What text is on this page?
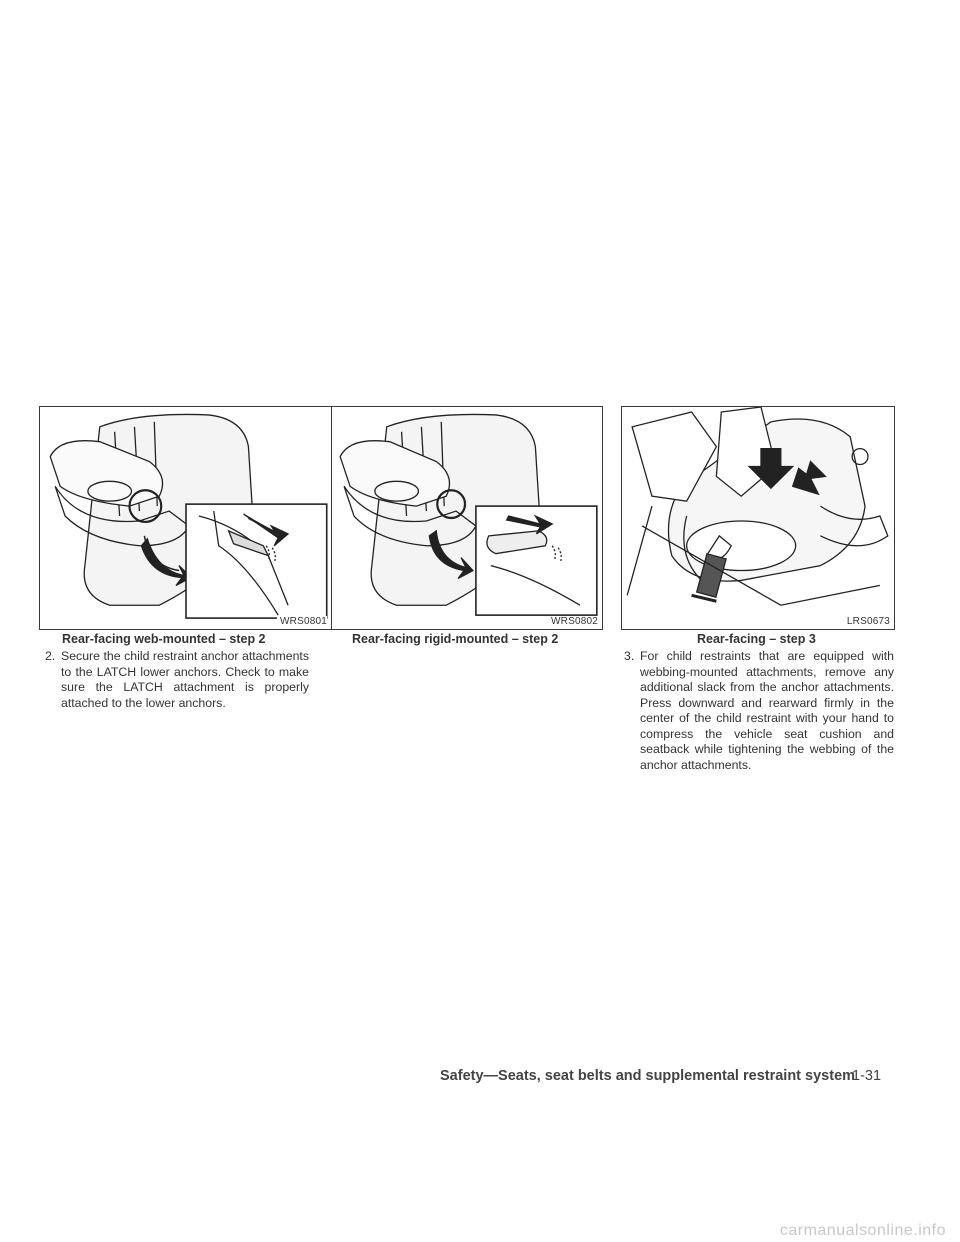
WRS0801
Rear-facing web-mounted – step 2
WRS0802
Rear-facing rigid-mounted – step 2
LRS0673
Rear-facing – step 3
2. Secure the child restraint anchor attachments to the LATCH lower anchors. Check to make sure the LATCH attachment is properly attached to the lower anchors.
3. For child restraints that are equipped with webbing-mounted attachments, remove any additional slack from the anchor attachments. Press downward and rearward firmly in the center of the child restraint with your hand to compress the vehicle seat cushion and seatback while tightening the webbing of the anchor attachments.
Safety—Seats, seat belts and supplemental restraint system
1-31
carmanualsonline.info
